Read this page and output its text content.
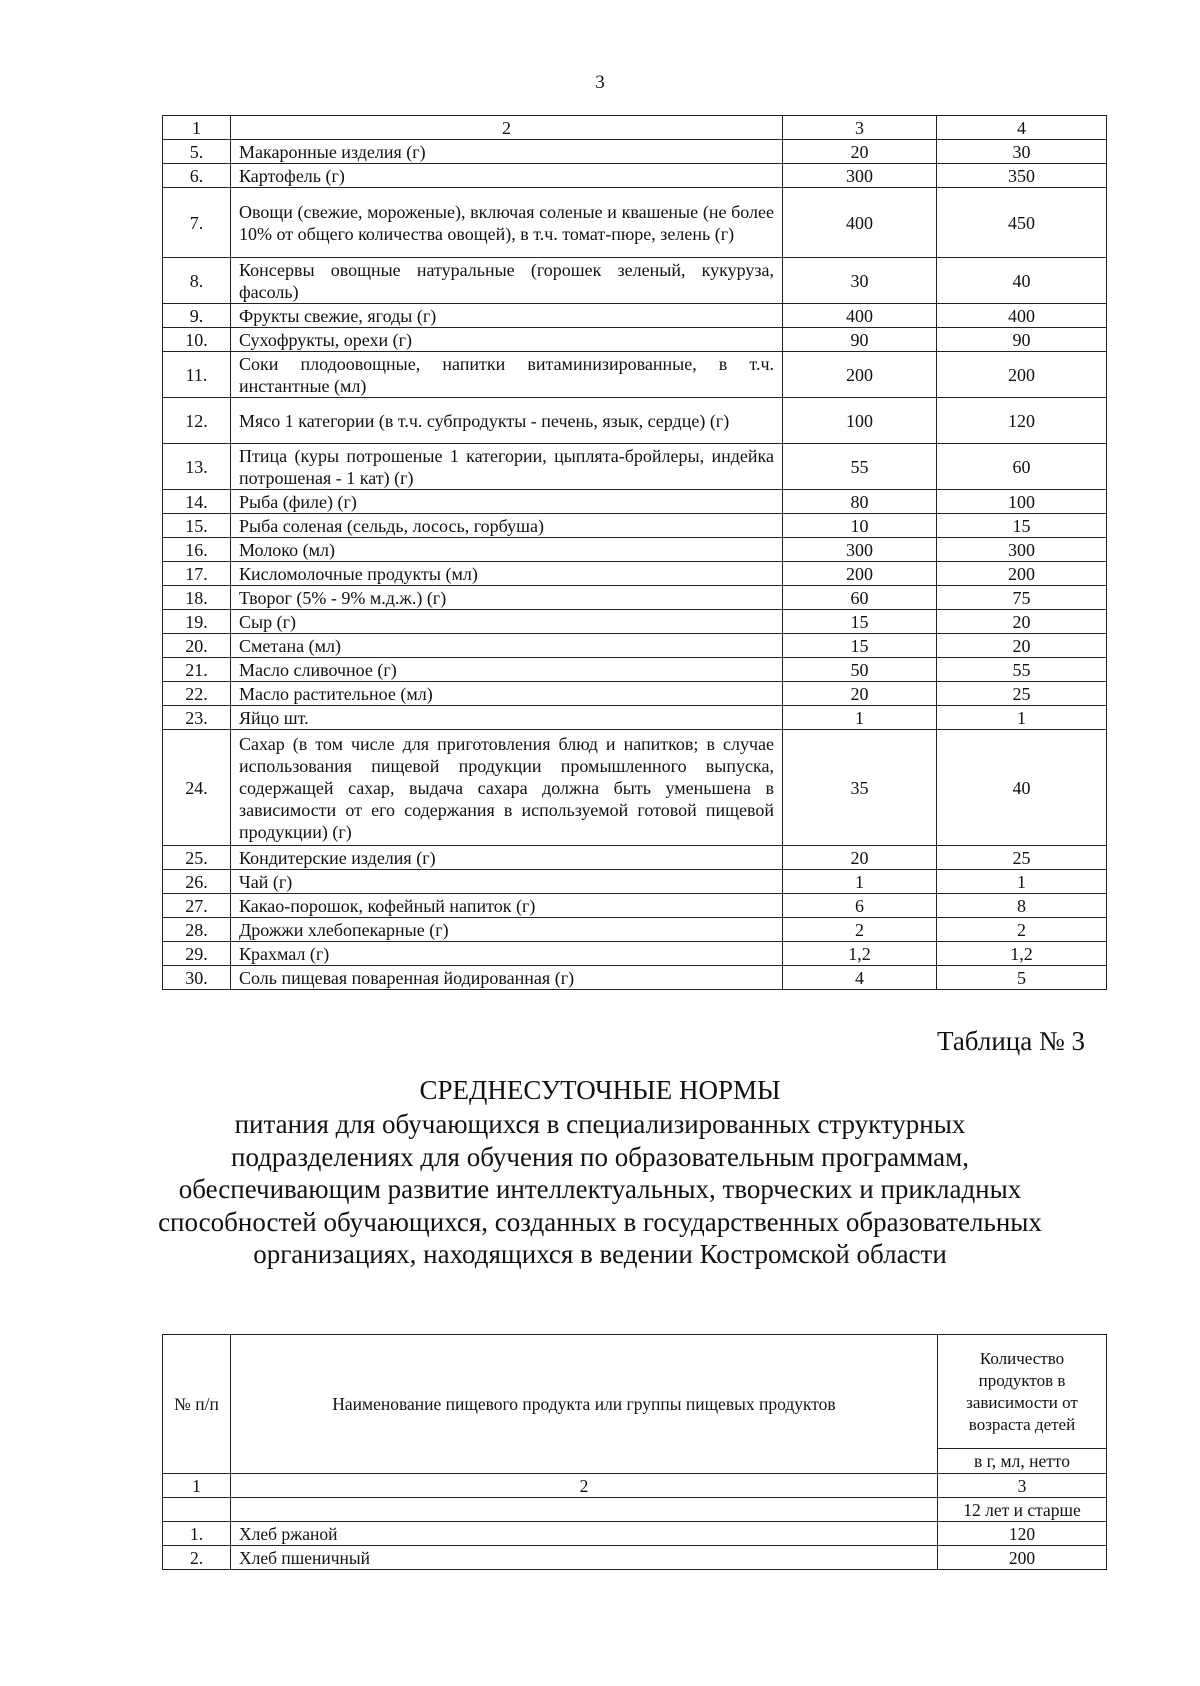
3
1	2	3	4
5.	Макаронные изделия (г)	20	30
6.	Картофель (г)	300	350
7.	Овощи (свежие, мороженые), включая соленые и квашеные (не более 10% от общего количества овощей), в т.ч. томат-пюре, зелень (г)	400	450
8.	Консервы овощные натуральные (горошек зеленый, кукуруза, фасоль)	30	40
9.	Фрукты свежие, ягоды (г)	400	400
10.	Сухофрукты, орехи (г)	90	90
11.	Соки плодоовощные, напитки витаминизированные, в т.ч. инстантные (мл)	200	200
12.	Мясо 1 категории (в т.ч. субпродукты - печень, язык, сердце) (г)	100	120
13.	Птица (куры потрошеные 1 категории, цыплята-бройлеры, индейка потрошеная - 1 кат) (г)	55	60
14.	Рыба (филе) (г)	80	100
15.	Рыба соленая (сельдь, лосось, горбуша)	10	15
16.	Молоко (мл)	300	300
17.	Кисломолочные продукты (мл)	200	200
18.	Творог (5% - 9% м.д.ж.) (г)	60	75
19.	Сыр (г)	15	20
20.	Сметана (мл)	15	20
21.	Масло сливочное (г)	50	55
22.	Масло растительное (мл)	20	25
23.	Яйцо шт.	1	1
24.	Сахар (в том числе для приготовления блюд и напитков; в случае использования пищевой продукции промышленного выпуска, содержащей сахар, выдача сахара должна быть уменьшена в зависимости от его содержания в используемой готовой пищевой продукции) (г)	35	40
25.	Кондитерские изделия (г)	20	25
26.	Чай (г)	1	1
27.	Какао-порошок, кофейный напиток (г)	6	8
28.	Дрожжи хлебопекарные (г)	2	2
29.	Крахмал (г)	1,2	1,2
30.	Соль пищевая поваренная йодированная (г)	4	5
Таблица № 3
СРЕДНЕСУТОЧНЫЕ НОРМЫ
питания для обучающихся в специализированных структурных подразделениях для обучения по образовательным программам, обеспечивающим развитие интеллектуальных, творческих и прикладных способностей обучающихся, созданных в государственных образовательных организациях, находящихся в ведении Костромской области
№ п/п	Наименование пищевого продукта или группы пищевых продуктов	Количество продуктов в зависимости от возраста детей
		в г, мл, нетто
1	2	3
		12 лет и старше
1.	Хлеб ржаной	120
2.	Хлеб пшеничный	200
